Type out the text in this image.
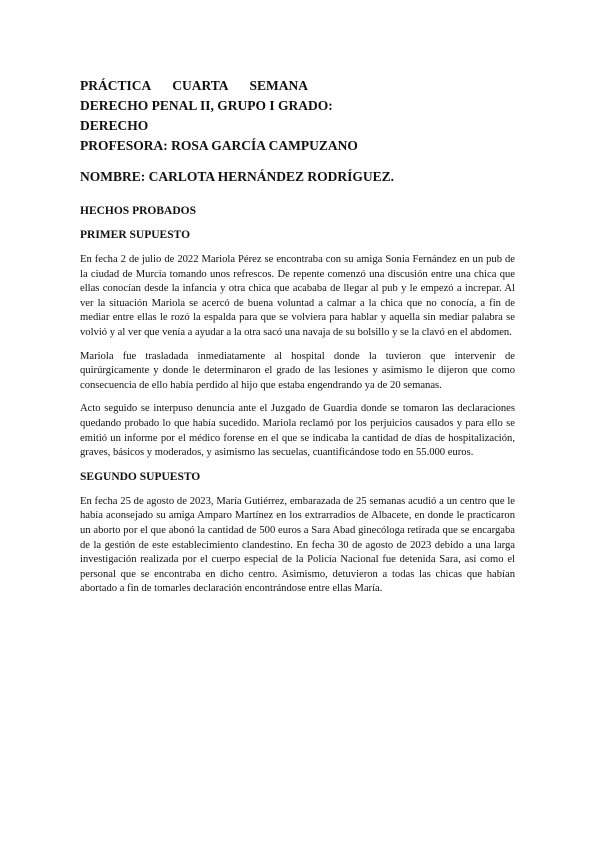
PRÁCTICA CUARTA SEMANA
DERECHO PENAL II, GRUPO I GRADO:
DERECHO
PROFESORA: ROSA GARCÍA CAMPUZANO
NOMBRE: CARLOTA HERNÁNDEZ RODRÍGUEZ.
HECHOS PROBADOS
PRIMER SUPUESTO

En fecha 2 de julio de 2022 Mariola Pérez se encontraba con su amiga Sonia Fernández en un pub de la ciudad de Murcia tomando unos refrescos. De repente comenzó una discusión entre una chica que ellas conocían desde la infancia y otra chica que acababa de llegar al pub y le empezó a increpar. Al ver la situación Mariola se acercó de buena voluntad a calmar a la chica que no conocía, a fin de mediar entre ellas le rozó la espalda para que se volviera para hablar y aquella sin mediar palabra se volvió y al ver que venía a ayudar a la otra sacó una navaja de su bolsillo y se la clavó en el abdomen.

Mariola fue trasladada inmediatamente al hospital donde la tuvieron que intervenir de quirúrgicamente y donde le determinaron el grado de las lesiones y asimismo le dijeron que como consecuencia de ello había perdido al hijo que estaba engendrando ya de 20 semanas.

Acto seguido se interpuso denuncia ante el Juzgado de Guardia donde se tomaron las declaraciones quedando probado lo que había sucedido. Mariola reclamó por los perjuicios causados y para ello se emitió un informe por el médico forense en el que se indicaba la cantidad de días de hospitalización, graves, básicos y moderados, y asimismo las secuelas, cuantificándose todo en 55.000 euros.

SEGUNDO SUPUESTO

En fecha 25 de agosto de 2023, María Gutiérrez, embarazada de 25 semanas acudió a un centro que le había aconsejado su amiga Amparo Martínez en los extrarradios de Albacete, en donde le practicaron un aborto por el que abonó la cantidad de 500 euros a Sara Abad ginecóloga retirada que se encargaba de la gestión de este establecimiento clandestino. En fecha 30 de agosto de 2023 debido a una larga investigación realizada por el cuerpo especial de la Policía Nacional fue detenida Sara, así como el personal que se encontraba en dicho centro. Asimismo, detuvieron a todas las chicas que habían abortado a fin de tomarles declaración encontrándose entre ellas María.
